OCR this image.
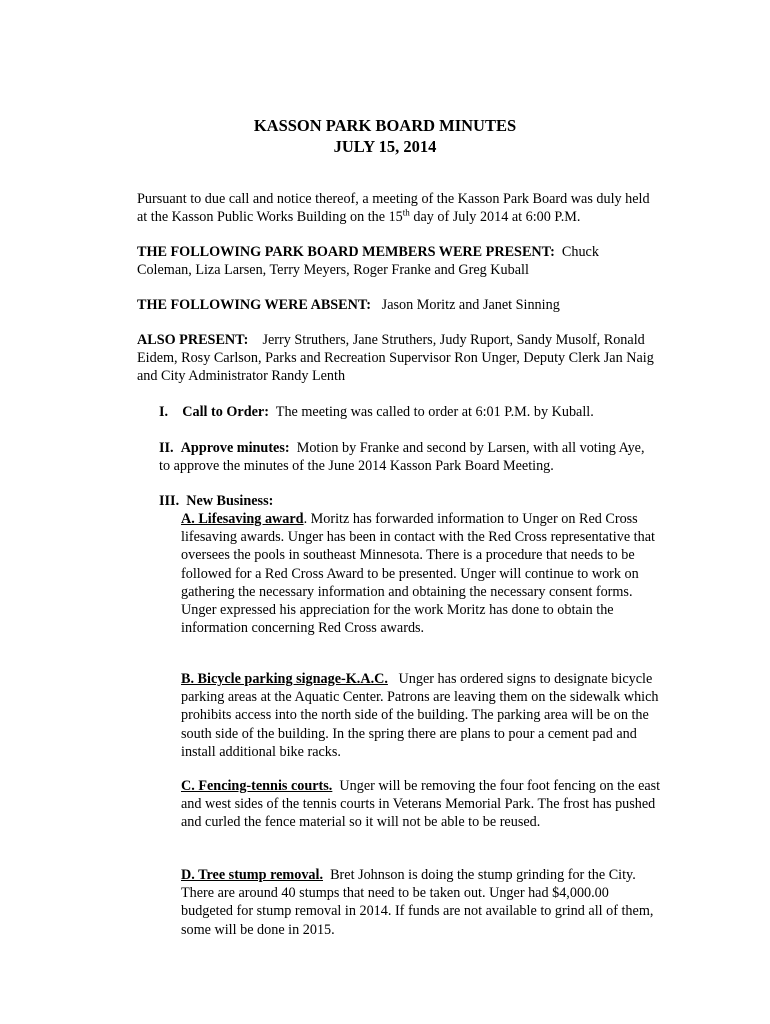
KASSON PARK BOARD MINUTES
JULY 15, 2014
Pursuant to due call and notice thereof, a meeting of the Kasson Park Board was duly held at the Kasson Public Works Building on the 15th day of July 2014 at 6:00 P.M.
THE FOLLOWING PARK BOARD MEMBERS WERE PRESENT: Chuck Coleman, Liza Larsen, Terry Meyers, Roger Franke and Greg Kuball
THE FOLLOWING WERE ABSENT: Jason Moritz and Janet Sinning
ALSO PRESENT: Jerry Struthers, Jane Struthers, Judy Ruport, Sandy Musolf, Ronald Eidem, Rosy Carlson, Parks and Recreation Supervisor Ron Unger, Deputy Clerk Jan Naig and City Administrator Randy Lenth
I. Call to Order: The meeting was called to order at 6:01 P.M. by Kuball.
II. Approve minutes: Motion by Franke and second by Larsen, with all voting Aye, to approve the minutes of the June 2014 Kasson Park Board Meeting.
III. New Business:
A. Lifesaving award. Moritz has forwarded information to Unger on Red Cross lifesaving awards. Unger has been in contact with the Red Cross representative that oversees the pools in southeast Minnesota. There is a procedure that needs to be followed for a Red Cross Award to be presented. Unger will continue to work on gathering the necessary information and obtaining the necessary consent forms. Unger expressed his appreciation for the work Moritz has done to obtain the information concerning Red Cross awards.
B. Bicycle parking signage-K.A.C. Unger has ordered signs to designate bicycle parking areas at the Aquatic Center. Patrons are leaving them on the sidewalk which prohibits access into the north side of the building. The parking area will be on the south side of the building. In the spring there are plans to pour a cement pad and install additional bike racks.
C. Fencing-tennis courts. Unger will be removing the four foot fencing on the east and west sides of the tennis courts in Veterans Memorial Park. The frost has pushed and curled the fence material so it will not be able to be reused.
D. Tree stump removal. Bret Johnson is doing the stump grinding for the City. There are around 40 stumps that need to be taken out. Unger had $4,000.00 budgeted for stump removal in 2014. If funds are not available to grind all of them, some will be done in 2015.
